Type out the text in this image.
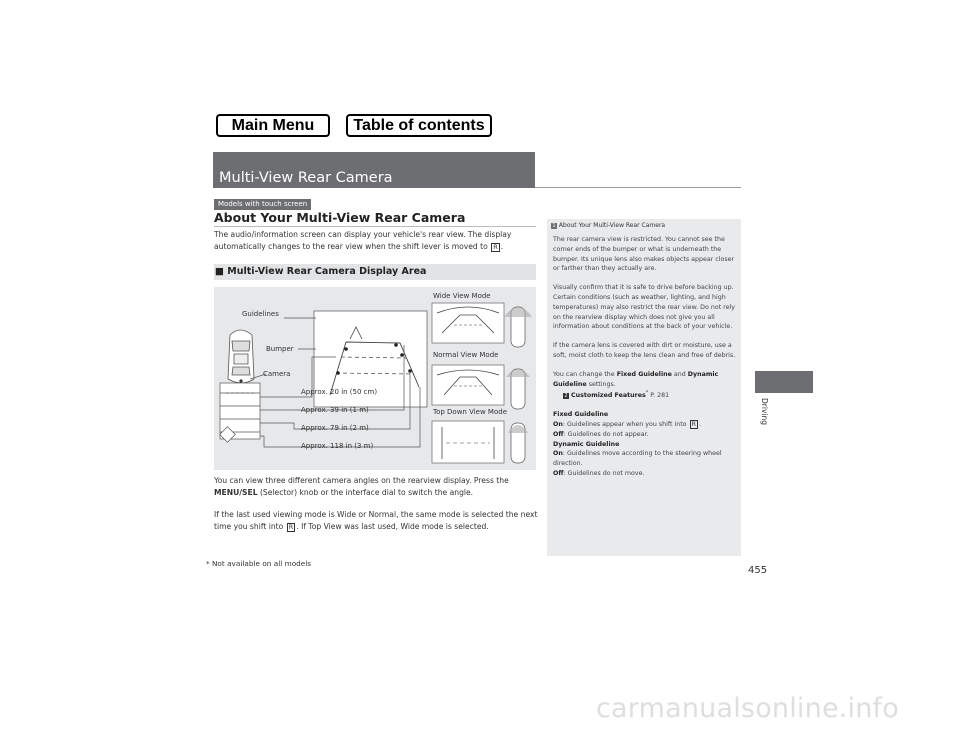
Main Menu	Table of contents
Multi-View Rear Camera
Models with touch screen
About Your Multi-View Rear Camera

The audio/information screen can display your vehicle's rear view. The display automatically changes to the rear view when the shift lever is moved to R .

■ Multi-View Rear Camera Display Area
Guidelines
Bumper
Camera
Approx. 20 in (50 cm)
Approx. 39 in (1 m)
Approx. 79 in (2 m)
Approx. 118 in (3 m)
Wide View Mode
Normal View Mode
Top Down View Mode

You can view three different camera angles on the rearview display. Press the MENU/SEL (Selector) knob or the interface dial to switch the angle.

If the last used viewing mode is Wide or Normal, the same mode is selected the next time you shift into R . If Top View was last used, Wide mode is selected.

1 About Your Multi-View Rear Camera

The rear camera view is restricted. You cannot see the corner ends of the bumper or what is underneath the bumper. Its unique lens also makes objects appear closer or farther than they actually are.

Visually confirm that it is safe to drive before backing up. Certain conditions (such as weather, lighting, and high temperatures) may also restrict the rear view. Do not rely on the rearview display which does not give you all information about conditions at the back of your vehicle.

If the camera lens is covered with dirt or moisture, use a soft, moist cloth to keep the lens clean and free of debris.

You can change the Fixed Guideline and Dynamic Guideline settings.
2 Customized Features* P. 281

Fixed Guideline
On: Guidelines appear when you shift into R .
Off: Guidelines do not appear.
Dynamic Guideline
On: Guidelines move according to the steering wheel direction.
Off: Guidelines do not move.
Driving
455
* Not available on all models
carmanualsonline.info
